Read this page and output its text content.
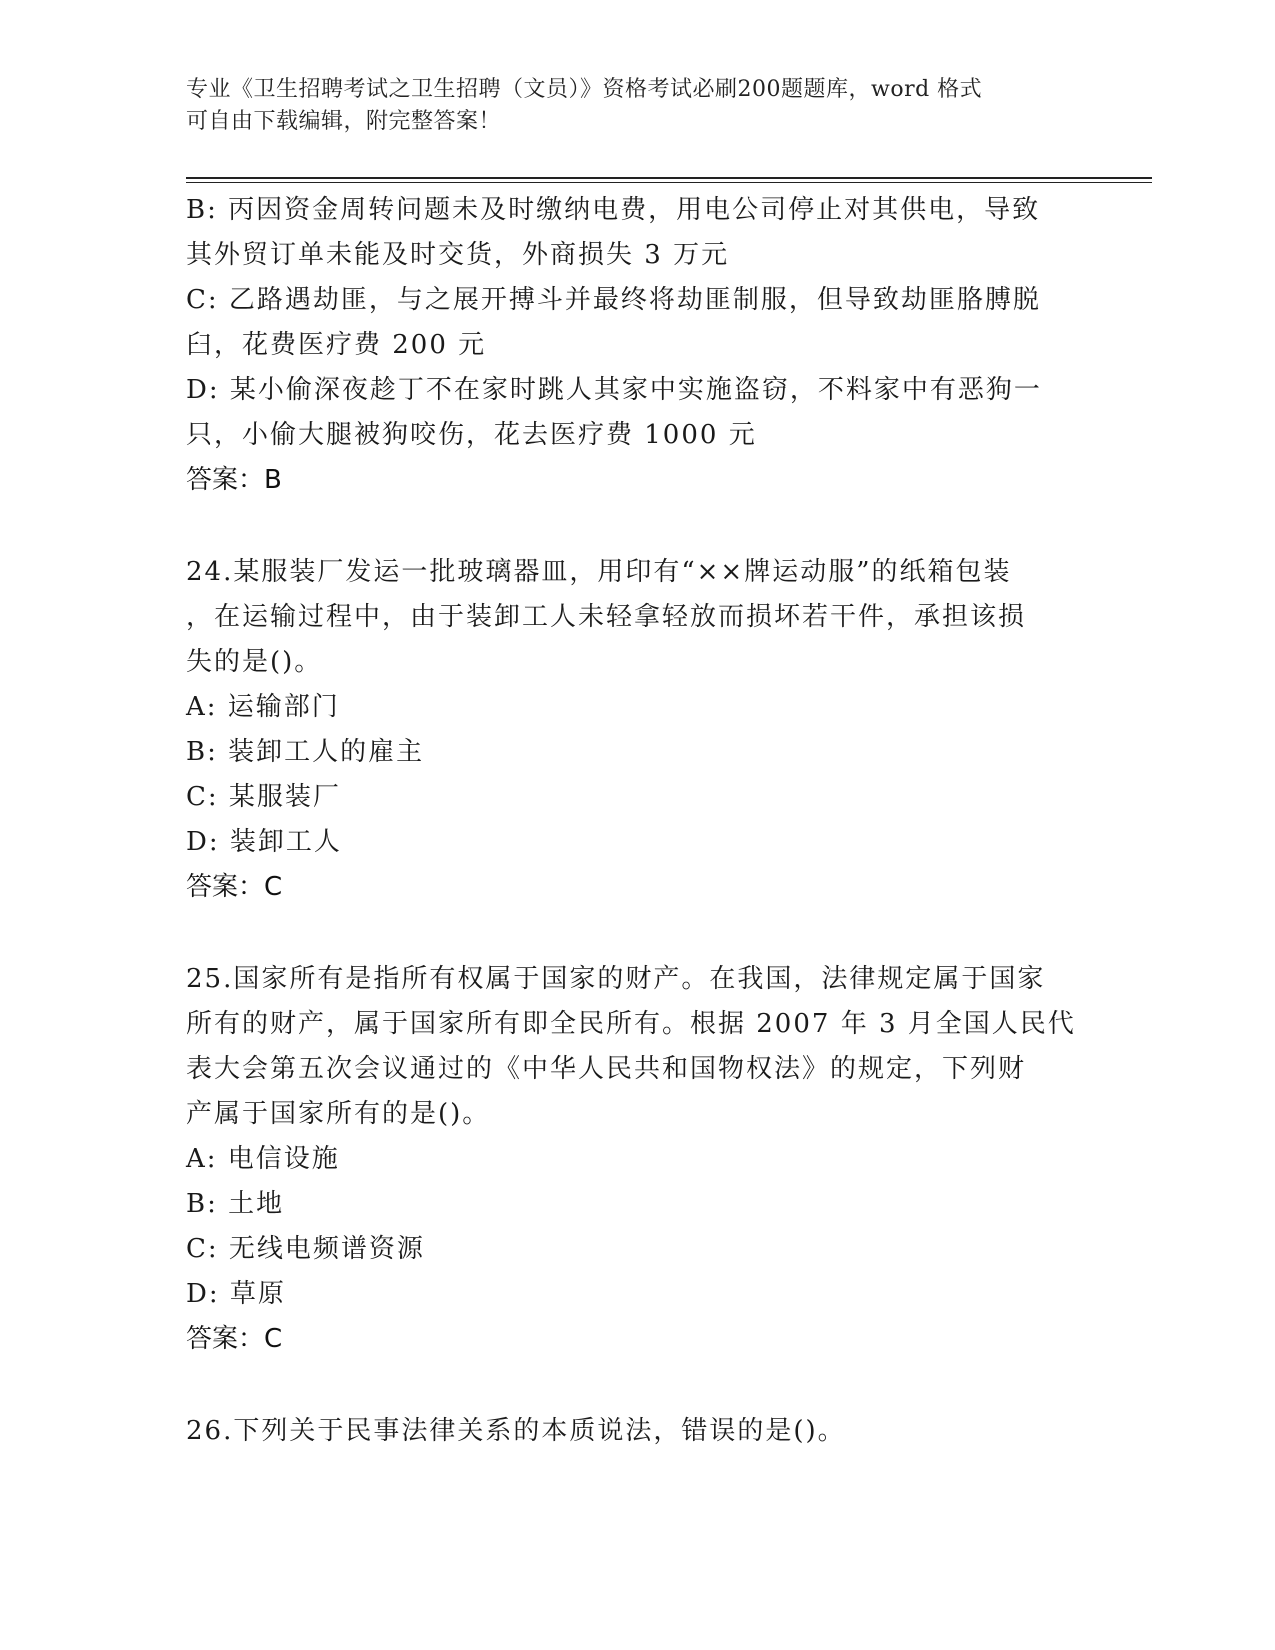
专业《卫生招聘考试之卫生招聘（文员）》资格考试必刷200题题库，word 格式
可自由下载编辑，附完整答案！
B: 丙因资金周转问题未及时缴纳电费，用电公司停止对其供电，导致
其外贸订单未能及时交货，外商损失 3 万元
C: 乙路遇劫匪，与之展开搏斗并最终将劫匪制服，但导致劫匪胳膊脱
臼，花费医疗费 200 元
D: 某小偷深夜趁丁不在家时跳人其家中实施盗窃，不料家中有恶狗一
只，小偷大腿被狗咬伤，花去医疗费 1000 元
答案：B
24.某服装厂发运一批玻璃器皿，用印有“××牌运动服”的纸箱包装
，在运输过程中，由于装卸工人未轻拿轻放而损坏若干件，承担该损
失的是()。
A: 运输部门
B: 装卸工人的雇主
C: 某服装厂
D: 装卸工人
答案：C
25.国家所有是指所有权属于国家的财产。在我国，法律规定属于国家
所有的财产，属于国家所有即全民所有。根据 2007 年 3 月全国人民代
表大会第五次会议通过的《中华人民共和国物权法》的规定，下列财
产属于国家所有的是()。
A: 电信设施
B: 土地
C: 无线电频谱资源
D: 草原
答案：C
26.下列关于民事法律关系的本质说法，错误的是()。
